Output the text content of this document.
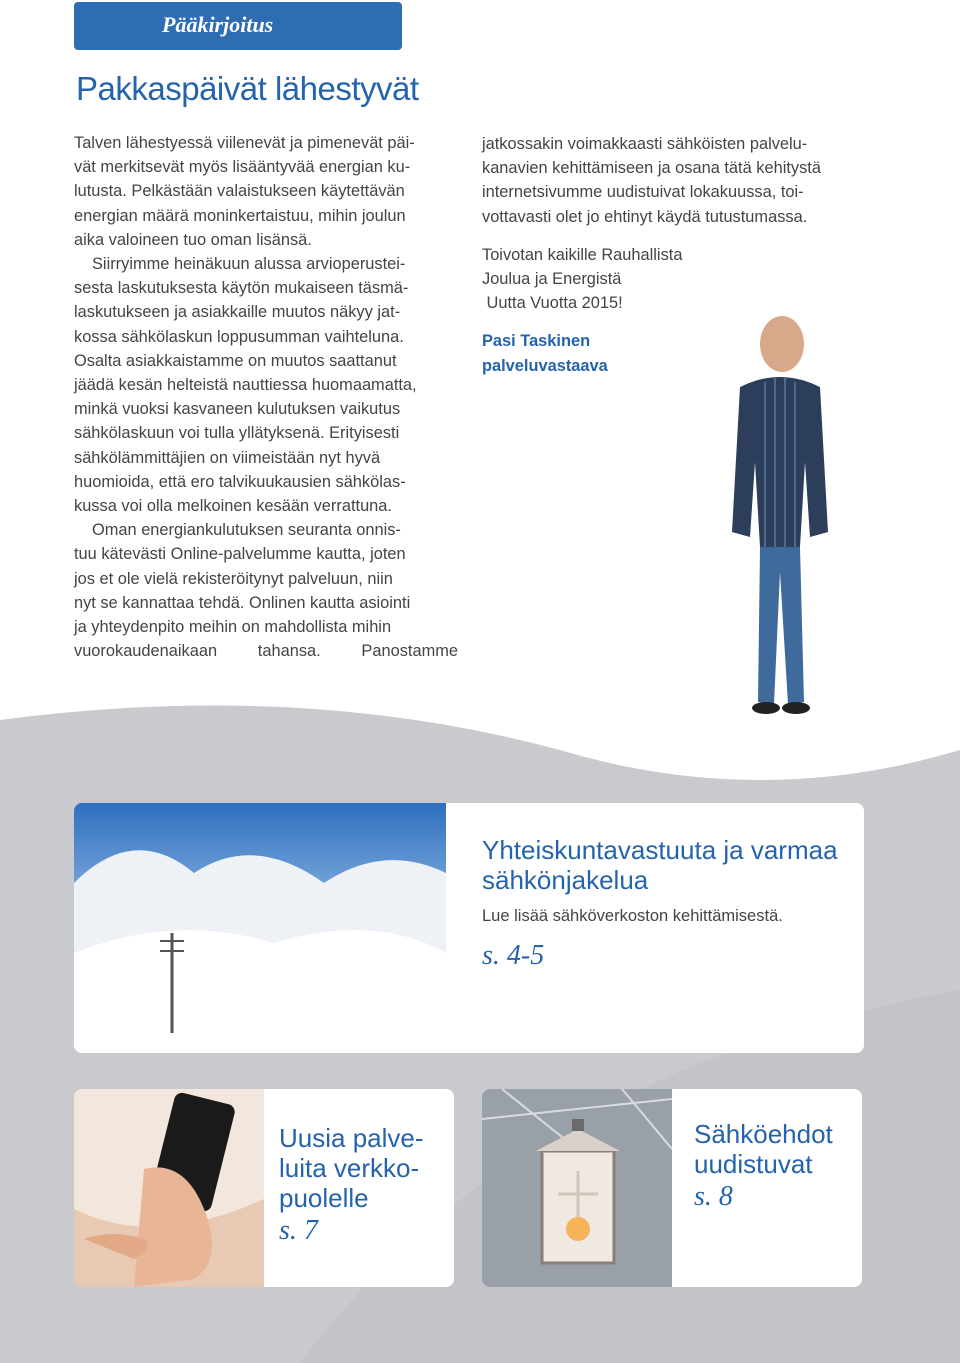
Pääkirjoitus
Pakkaspäivät lähestyvät

Talven lähestyessä viilenevät ja pimenevät päi-

vät merkitsevät myös lisääntyvää energian ku-

lutusta. Pelkästään valaistukseen käytettävän

energian määrä moninkertaistuu, mihin joulun

aika valoineen tuo oman lisänsä.

Siirryimme heinäkuun alussa arvioperustei-

sesta laskutuksesta käytön mukaiseen täsmä-

laskutukseen ja asiakkaille muutos näkyy jat-

kossa sähkölaskun loppusumman vaihteluna.

Osalta asiakkaistamme on muutos saattanut

jäädä kesän helteistä nauttiessa huomaamatta,

minkä vuoksi kasvaneen kulutuksen vaikutus

sähkölaskuun voi tulla yllätyksenä. Erityisesti

sähkölämmittäjien on viimeistään nyt hyvä

huomioida, että ero talvikuukausien sähkölas-

kussa voi olla melkoinen kesään verrattuna.

Oman energiankulutuksen seuranta onnis-

tuu kätevästi Online-palvelumme kautta, joten

jos et ole vielä rekisteröitynyt palveluun, niin

nyt se kannattaa tehdä. Onlinen kautta asiointi

ja yhteydenpito meihin on mahdollista mihin

vuorokaudenaikaan tahansa. Panostamme

jatkossakin voimakkaasti sähköisten palvelu-

kanavien kehittämiseen ja osana tätä kehitystä

internetsivumme uudistuivat lokakuussa, toi-

vottavasti olet jo ehtinyt käydä tutustumassa.

Toivotan kaikille Rauhallista

Joulua ja Energistä

Uutta Vuotta 2015!

Pasi Taskinen

palveluvastaava

Yhteiskuntavastuuta ja varmaa

sähkönjakelua

Lue lisää sähköverkoston kehittämisestä.

s. 4-5

Uusia palve-

luita verkko-

puolelle

s. 7

Sähköehdot

uudistuvat

s. 8
